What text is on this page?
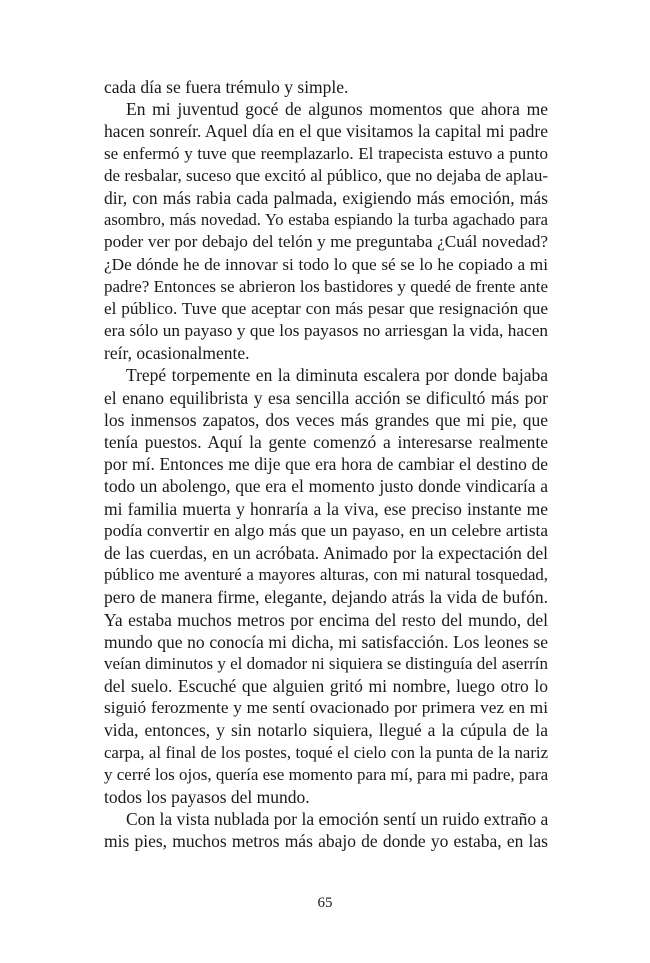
cada día se fuera trémulo y simple.
En mi juventud gocé de algunos momentos que ahora me
hacen sonreír. Aquel día en el que visitamos la capital mi padre
se enfermó y tuve que reemplazarlo. El trapecista estuvo a punto
de resbalar, suceso que excitó al público, que no dejaba de aplau-
dir, con más rabia cada palmada, exigiendo más emoción, más
asombro, más novedad. Yo estaba espiando la turba agachado para
poder ver por debajo del telón y me preguntaba ¿Cuál novedad?
¿De dónde he de innovar si todo lo que sé se lo he copiado a mi
padre? Entonces se abrieron los bastidores y quedé de frente ante
el público. Tuve que aceptar con más pesar que resignación que
era sólo un payaso y que los payasos no arriesgan la vida, hacen
reír, ocasionalmente.
Trepé torpemente en la diminuta escalera por donde bajaba
el enano equilibrista y esa sencilla acción se dificultó más por
los inmensos zapatos, dos veces más grandes que mi pie, que
tenía puestos. Aquí la gente comenzó a interesarse realmente
por mí. Entonces me dije que era hora de cambiar el destino de
todo un abolengo, que era el momento justo donde vindicaría a
mi familia muerta y honraría a la viva, ese preciso instante me
podía convertir en algo más que un payaso, en un celebre artista
de las cuerdas, en un acróbata. Animado por la expectación del
público me aventuré a mayores alturas, con mi natural tosquedad,
pero de manera firme, elegante, dejando atrás la vida de bufón.
Ya estaba muchos metros por encima del resto del mundo, del
mundo que no conocía mi dicha, mi satisfacción. Los leones se
veían diminutos y el domador ni siquiera se distinguía del aserrín
del suelo. Escuché que alguien gritó mi nombre, luego otro lo
siguió ferozmente y me sentí ovacionado por primera vez en mi
vida, entonces, y sin notarlo siquiera, llegué a la cúpula de la
carpa, al final de los postes, toqué el cielo con la punta de la nariz
y cerré los ojos, quería ese momento para mí, para mi padre, para
todos los payasos del mundo.
Con la vista nublada por la emoción sentí un ruido extraño a
mis pies, muchos metros más abajo de donde yo estaba, en las
65
